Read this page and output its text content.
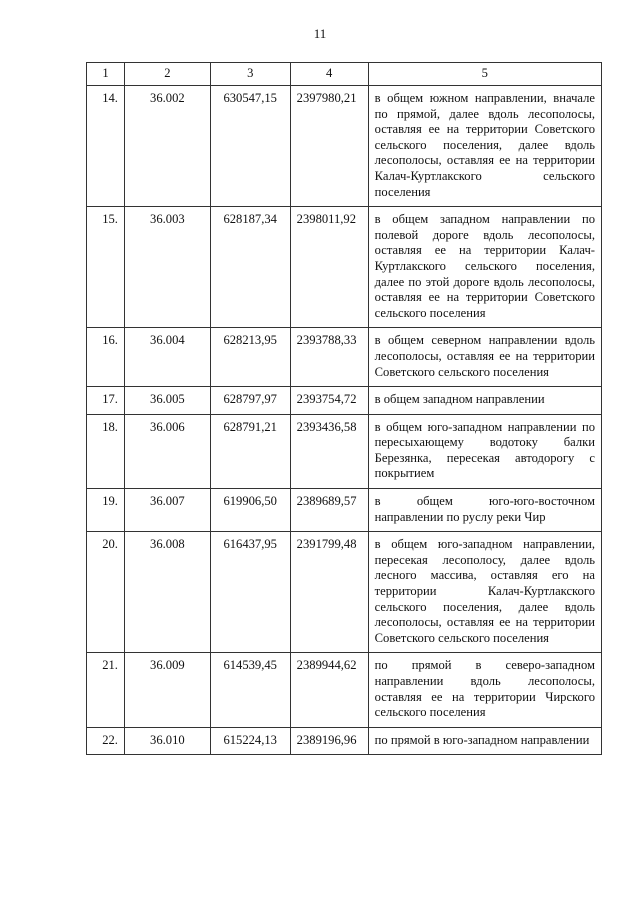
11
1	2	3	4	5
14.	36.002	630547,15	2397980,21	в общем южном направлении, вначале по прямой, далее вдоль лесополосы, оставляя ее на территории Советского сельского поселения, далее вдоль лесополосы, оставляя ее на территории Калач-Куртлакского сельского поселения
15.	36.003	628187,34	2398011,92	в общем западном направлении по полевой дороге вдоль лесополосы, оставляя ее на территории Калач-Куртлакского сельского поселения, далее по этой дороге вдоль лесополосы, оставляя ее на территории Советского сельского поселения
16.	36.004	628213,95	2393788,33	в общем северном направлении вдоль лесополосы, оставляя ее на территории Советского сельского поселения
17.	36.005	628797,97	2393754,72	в общем западном направлении
18.	36.006	628791,21	2393436,58	в общем юго-западном направлении по пересыхающему водотоку балки Березянка, пересекая автодорогу с покрытием
19.	36.007	619906,50	2389689,57	в общем юго-юго-восточном направлении по руслу реки Чир
20.	36.008	616437,95	2391799,48	в общем юго-западном направлении, пересекая лесополосу, далее вдоль лесного массива, оставляя его на территории Калач-Куртлакского сельского поселения, далее вдоль лесополосы, оставляя ее на территории Советского сельского поселения
21.	36.009	614539,45	2389944,62	по прямой в северо-западном направлении вдоль лесополосы, оставляя ее на территории Чирского сельского поселения
22.	36.010	615224,13	2389196,96	по прямой в юго-западном направлении
